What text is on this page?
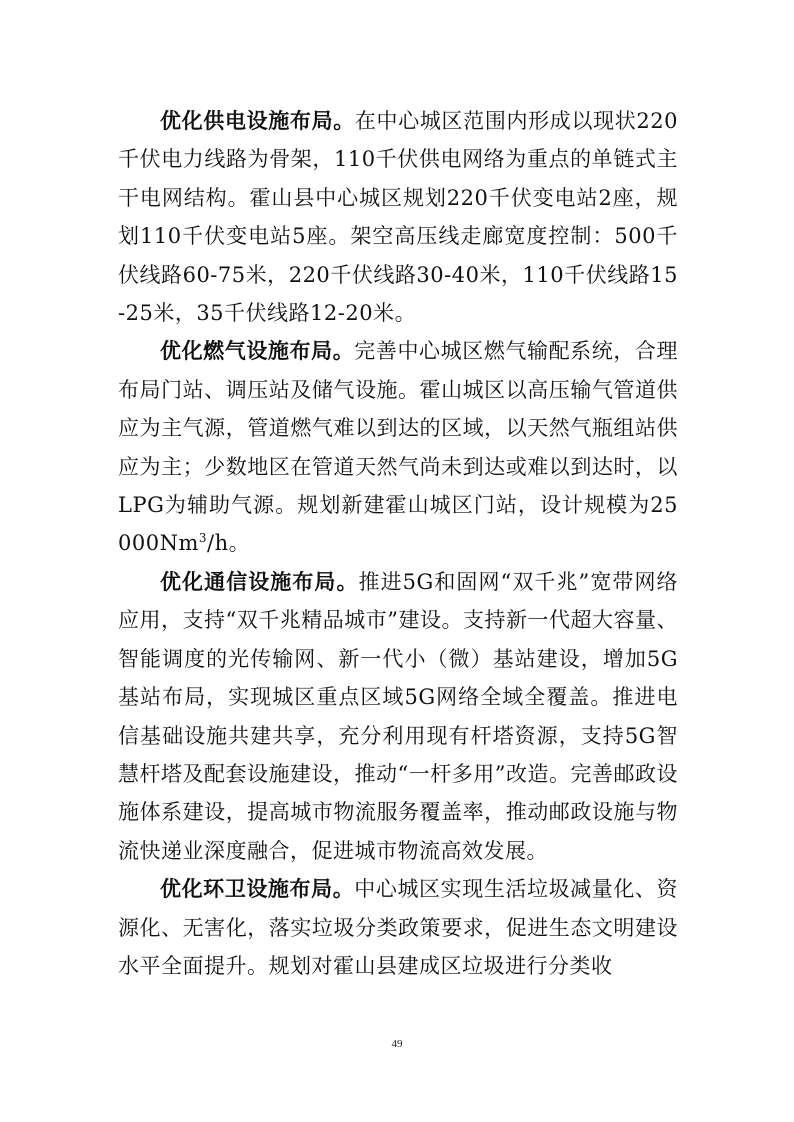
优化供电设施布局。在中心城区范围内形成以现状220千伏电力线路为骨架，110千伏供电网络为重点的单链式主干电网结构。霍山县中心城区规划220千伏变电站2座，规划110千伏变电站5座。架空高压线走廊宽度控制：500千伏线路60-75米，220千伏线路30-40米，110千伏线路15-25米，35千伏线路12-20米。

优化燃气设施布局。完善中心城区燃气输配系统，合理布局门站、调压站及储气设施。霍山城区以高压输气管道供应为主气源，管道燃气难以到达的区域，以天然气瓶组站供应为主；少数地区在管道天然气尚未到达或难以到达时，以LPG为辅助气源。规划新建霍山城区门站，设计规模为25000Nm$^3$/h。

优化通信设施布局。推进5G和固网“双千兆”宽带网络应用，支持“双千兆精品城市”建设。支持新一代超大容量、智能调度的光传输网、新一代小（微）基站建设，增加5G基站布局，实现城区重点区域5G网络全域全覆盖。推进电信基础设施共建共享，充分利用现有杆塔资源，支持5G智慧杆塔及配套设施建设，推动“一杆多用”改造。完善邮政设施体系建设，提高城市物流服务覆盖率，推动邮政设施与物流快递业深度融合，促进城市物流高效发展。

优化环卫设施布局。中心城区实现生活垃圾减量化、资源化、无害化，落实垃圾分类政策要求，促进生态文明建设水平全面提升。规划对霍山县建成区垃圾进行分类收

49
